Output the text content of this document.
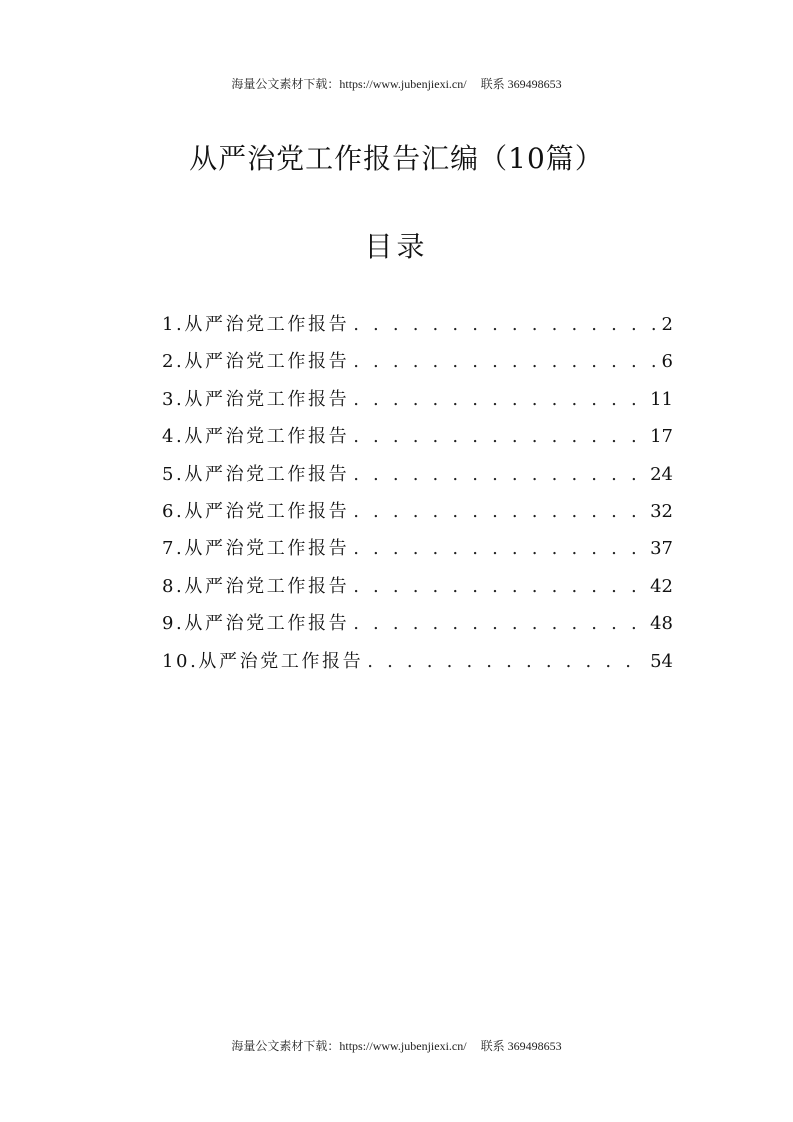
海量公文素材下载：https://www.jubenjiexi.cn/ 联系 369498653
从严治党工作报告汇编（10篇）
目录
1.从严治党工作报告 . . .	2
2.从严治党工作报告 . . .	6
3.从严治党工作报告 . . .	11
4.从严治党工作报告 . . .	17
5.从严治党工作报告 . . .	24
6.从严治党工作报告 . . .	32
7.从严治党工作报告 . . .	37
8.从严治党工作报告 . . .	42
9.从严治党工作报告 . . .	48
10.从严治党工作报告 . . .	54
海量公文素材下载：https://www.jubenjiexi.cn/ 联系 369498653
